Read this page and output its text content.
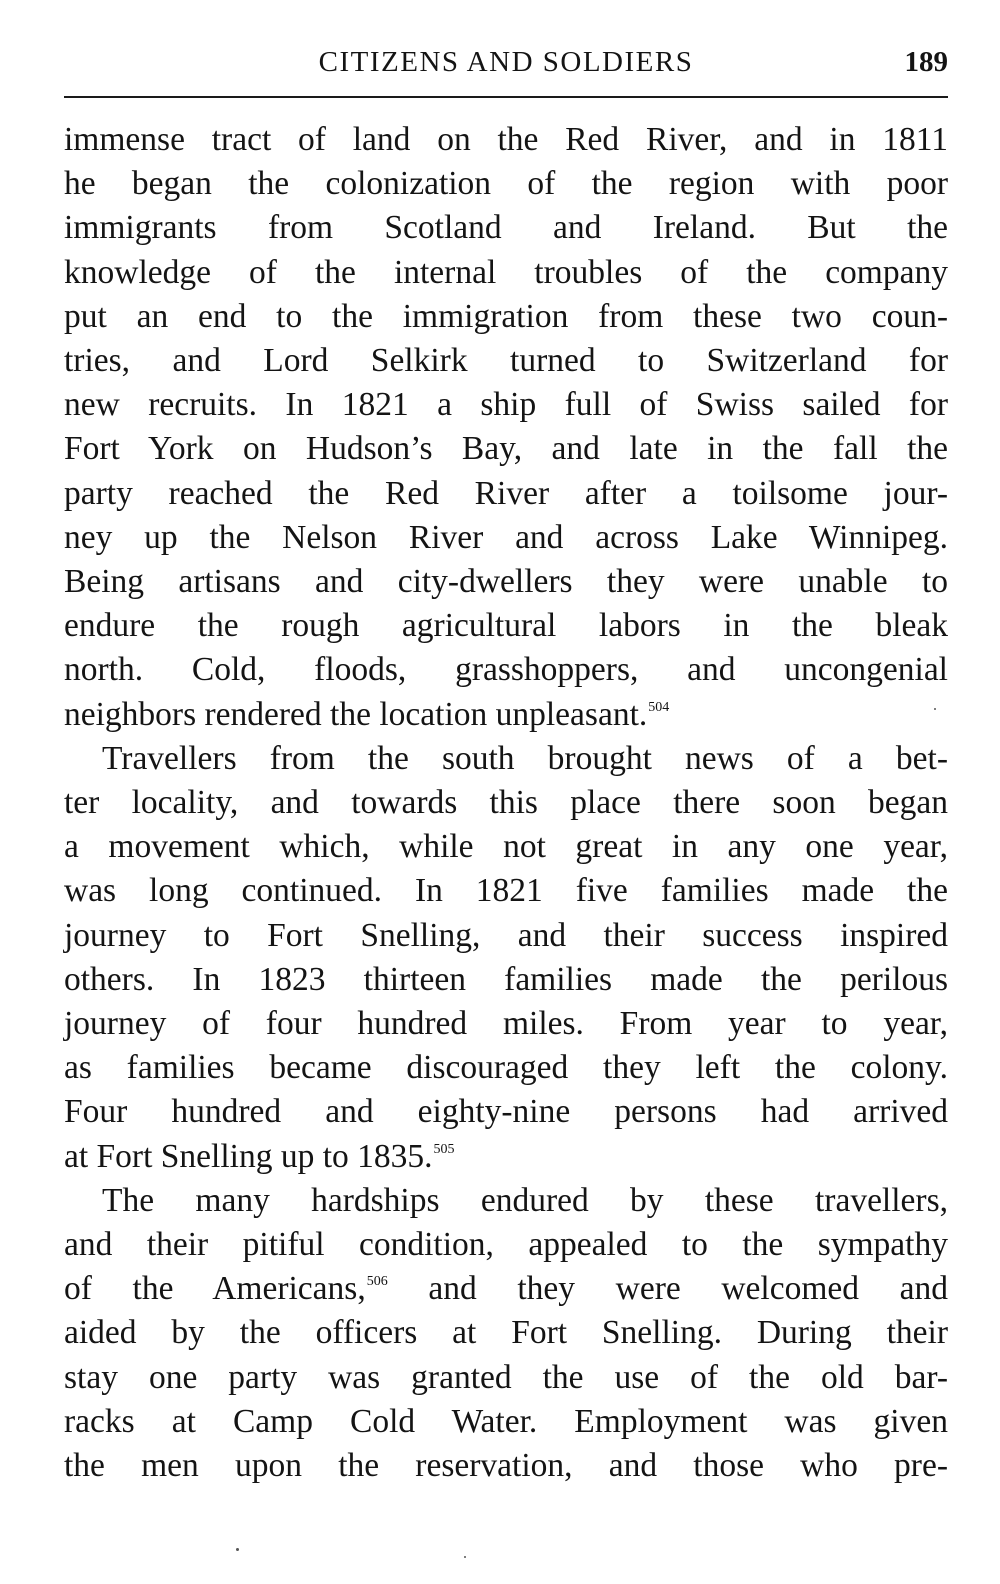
CITIZENS AND SOLDIERS	189
immense tract of land on the Red River, and in 1811
he began the colonization of the region with poor
immigrants from Scotland and Ireland. But the
knowledge of the internal troubles of the company
put an end to the immigration from these two coun-
tries, and Lord Selkirk turned to Switzerland for
new recruits. In 1821 a ship full of Swiss sailed for
Fort York on Hudson’s Bay, and late in the fall the
party reached the Red River after a toilsome jour-
ney up the Nelson River and across Lake Winnipeg.
Being artisans and city-dwellers they were unable to
endure the rough agricultural labors in the bleak
north. Cold, floods, grasshoppers, and uncongenial
neighbors rendered the location unpleasant.$^{504}$
Travellers from the south brought news of a bet-
ter locality, and towards this place there soon began
a movement which, while not great in any one year,
was long continued. In 1821 five families made the
journey to Fort Snelling, and their success inspired
others. In 1823 thirteen families made the perilous
journey of four hundred miles. From year to year,
as families became discouraged they left the colony.
Four hundred and eighty-nine persons had arrived
at Fort Snelling up to 1835.$^{505}$
The many hardships endured by these travellers,
and their pitiful condition, appealed to the sympathy
of the Americans,$^{506}$ and they were welcomed and
aided by the officers at Fort Snelling. During their
stay one party was granted the use of the old bar-
racks at Camp Cold Water. Employment was given
the men upon the reservation, and those who pre-
